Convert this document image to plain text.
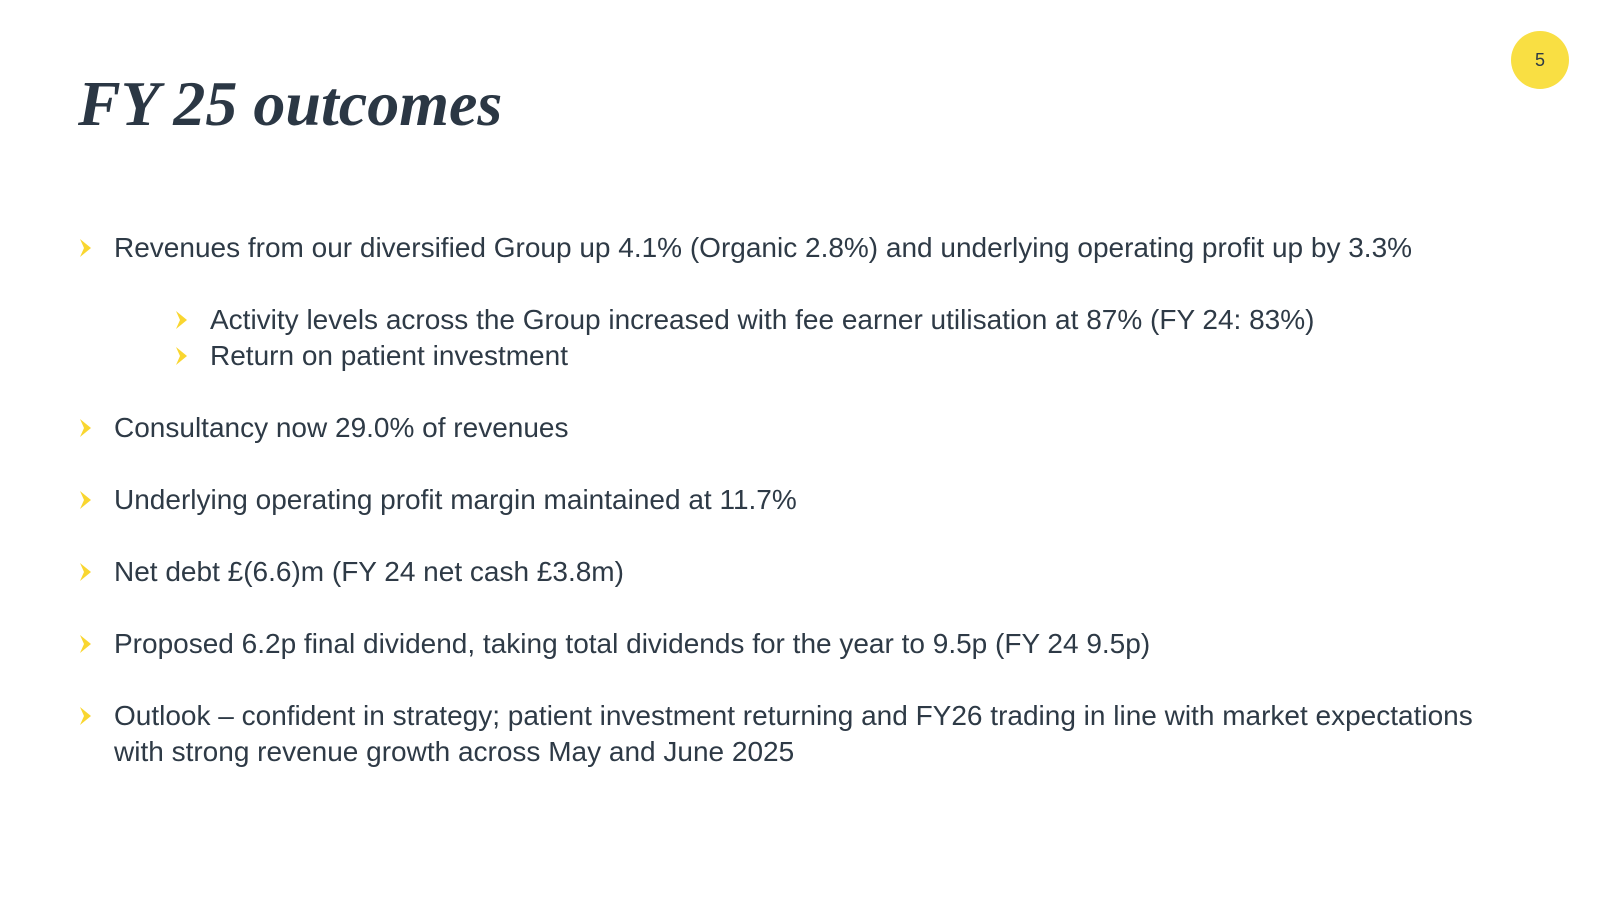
5
FY 25 outcomes
Revenues from our diversified Group up 4.1% (Organic 2.8%) and underlying operating profit up by 3.3%
Activity levels across the Group increased with fee earner utilisation at 87% (FY 24: 83%)
Return on patient investment
Consultancy now 29.0% of revenues
Underlying operating profit margin maintained at 11.7%
Net debt £(6.6)m (FY 24 net cash £3.8m)
Proposed 6.2p final dividend, taking total dividends for the year to 9.5p (FY 24 9.5p)
Outlook – confident in strategy; patient investment returning and FY26 trading in line with market expectations with strong revenue growth across May and June 2025
